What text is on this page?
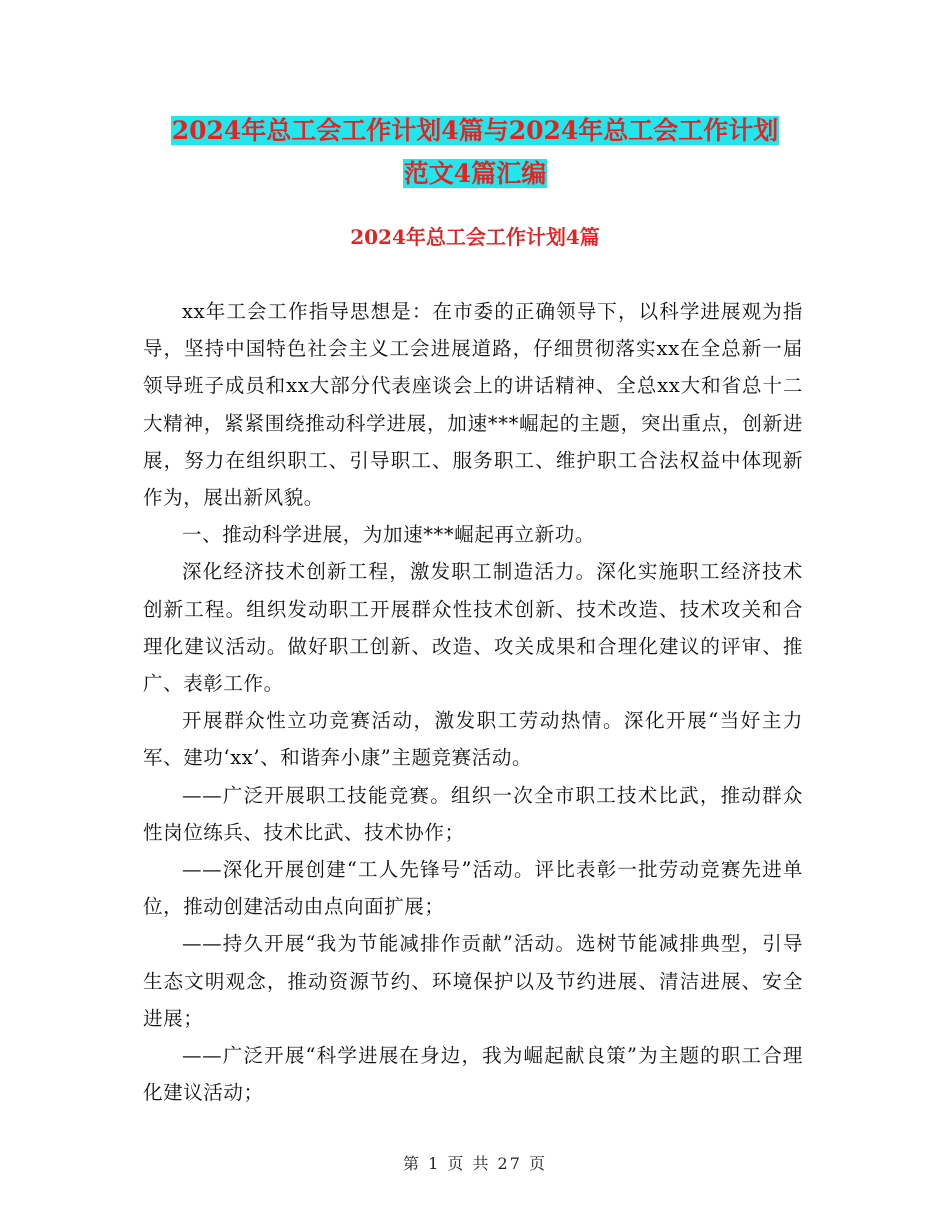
2024年总工会工作计划4篇与2024年总工会工作计划
范文4篇汇编
2024年总工会工作计划4篇

xx年工会工作指导思想是：在市委的正确领导下，以科学进展观为指导，坚持中国特色社会主义工会进展道路，仔细贯彻落实xx在全总新一届领导班子成员和xx大部分代表座谈会上的讲话精神、全总xx大和省总十二大精神，紧紧围绕推动科学进展，加速***崛起的主题，突出重点，创新进展，努力在组织职工、引导职工、服务职工、维护职工合法权益中体现新作为，展出新风貌。

一、推动科学进展，为加速***崛起再立新功。

深化经济技术创新工程，激发职工制造活力。深化实施职工经济技术创新工程。组织发动职工开展群众性技术创新、技术改造、技术攻关和合理化建议活动。做好职工创新、改造、攻关成果和合理化建议的评审、推广、表彰工作。

开展群众性立功竞赛活动，激发职工劳动热情。深化开展“当好主力军、建功‘xx’、和谐奔小康”主题竞赛活动。

——广泛开展职工技能竞赛。组织一次全市职工技术比武，推动群众性岗位练兵、技术比武、技术协作；

——深化开展创建“工人先锋号”活动。评比表彰一批劳动竞赛先进单位，推动创建活动由点向面扩展；

——持久开展“我为节能减排作贡献”活动。选树节能减排典型，引导生态文明观念，推动资源节约、环境保护以及节约进展、清洁进展、安全进展；

——广泛开展“科学进展在身边，我为崛起献良策”为主题的职工合理化建议活动；

第 1 页 共 27 页
